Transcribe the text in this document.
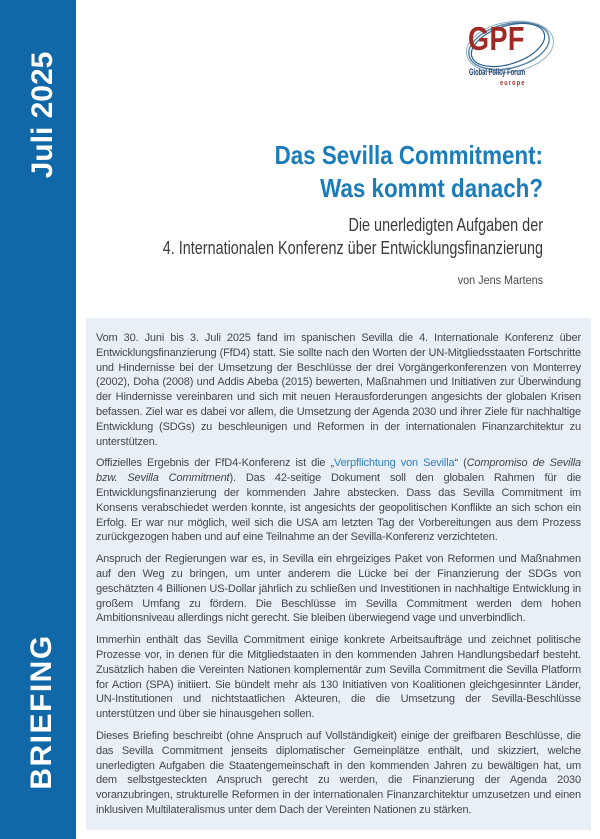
Juli 2025
BRIEFING
GPF
Global Policy Forum
europe
Das Sevilla Commitment:
Was kommt danach?
Die unerledigten Aufgaben der
4. Internationalen Konferenz über Entwicklungsfinanzierung
von Jens Martens

Vom 30. Juni bis 3. Juli 2025 fand im spanischen Sevilla die 4. Internationale Konferenz über Entwicklungsfinanzierung (FfD4) statt. Sie sollte nach den Worten der UN-Mitgliedsstaaten Fortschritte und Hindernisse bei der Umsetzung der Beschlüsse der drei Vorgängerkonferenzen von Monterrey (2002), Doha (2008) und Addis Abeba (2015) bewerten, Maßnahmen und Initiativen zur Überwindung der Hindernisse vereinbaren und sich mit neuen Herausforderungen angesichts der globalen Krisen befassen. Ziel war es dabei vor allem, die Umsetzung der Agenda 2030 und ihrer Ziele für nachhaltige Entwicklung (SDGs) zu beschleunigen und Reformen in der internationalen Finanzarchitektur zu unterstützen.

Offizielles Ergebnis der FfD4-Konferenz ist die „Verpflichtung von Sevilla“ (Compromiso de Sevilla bzw. Sevilla Commitment). Das 42-seitige Dokument soll den globalen Rahmen für die Entwicklungsfinanzierung der kommenden Jahre abstecken. Dass das Sevilla Commitment im Konsens verabschiedet werden konnte, ist angesichts der geopolitischen Konflikte an sich schon ein Erfolg. Er war nur möglich, weil sich die USA am letzten Tag der Vorbereitungen aus dem Prozess zurückgezogen haben und auf eine Teilnahme an der Sevilla-Konferenz verzichteten.

Anspruch der Regierungen war es, in Sevilla ein ehrgeiziges Paket von Reformen und Maßnahmen auf den Weg zu bringen, um unter anderem die Lücke bei der Finanzierung der SDGs von geschätzten 4 Billionen US-Dollar jährlich zu schließen und Investitionen in nachhaltige Entwicklung in großem Umfang zu fördern. Die Beschlüsse im Sevilla Commitment werden dem hohen Ambitionsniveau allerdings nicht gerecht. Sie bleiben überwiegend vage und unverbindlich.

Immerhin enthält das Sevilla Commitment einige konkrete Arbeitsaufträge und zeichnet politische Prozesse vor, in denen für die Mitgliedstaaten in den kommenden Jahren Handlungsbedarf besteht. Zusätzlich haben die Vereinten Nationen komplementär zum Sevilla Commitment die Sevilla Platform for Action (SPA) initiiert. Sie bündelt mehr als 130 Initiativen von Koalitionen gleichgesinnter Länder, UN-Institutionen und nichtstaatlichen Akteuren, die die Umsetzung der Sevilla-Beschlüsse unterstützen und über sie hinausgehen sollen.

Dieses Briefing beschreibt (ohne Anspruch auf Vollständigkeit) einige der greifbaren Beschlüsse, die das Sevilla Commitment jenseits diplomatischer Gemeinplätze enthält, und skizziert, welche unerledigten Aufgaben die Staatengemeinschaft in den kommenden Jahren zu bewältigen hat, um dem selbstgesteckten Anspruch gerecht zu werden, die Finanzierung der Agenda 2030 voranzubringen, strukturelle Reformen in der internationalen Finanzarchitektur umzusetzen und einen inklusiven Multilateralismus unter dem Dach der Vereinten Nationen zu stärken.
